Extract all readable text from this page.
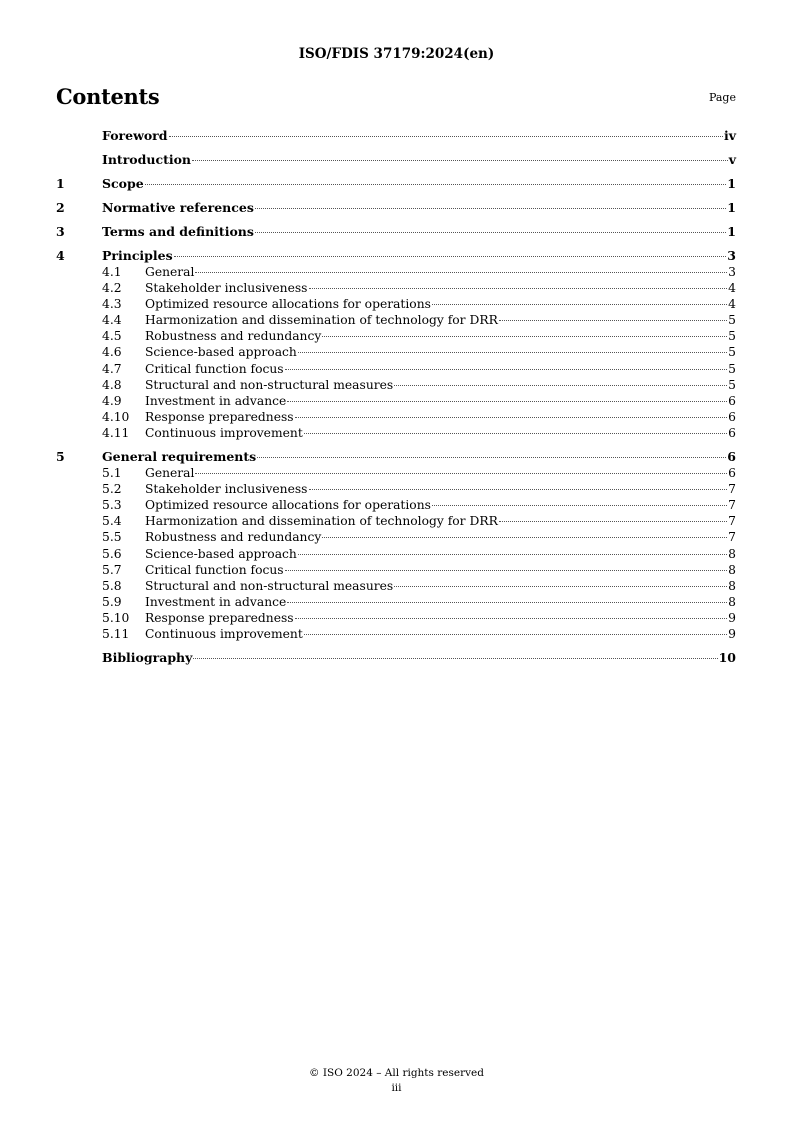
ISO/FDIS 37179:2024(en)
Contents	Page
Foreword	iv
Introduction	v
1	Scope	1
2	Normative references	1
3	Terms and definitions	1
4	Principles	3
4.1	General	3
4.2	Stakeholder inclusiveness	4
4.3	Optimized resource allocations for operations	4
4.4	Harmonization and dissemination of technology for DRR	5
4.5	Robustness and redundancy	5
4.6	Science-based approach	5
4.7	Critical function focus	5
4.8	Structural and non-structural measures	5
4.9	Investment in advance	6
4.10	Response preparedness	6
4.11	Continuous improvement	6
5	General requirements	6
5.1	General	6
5.2	Stakeholder inclusiveness	7
5.3	Optimized resource allocations for operations	7
5.4	Harmonization and dissemination of technology for DRR	7
5.5	Robustness and redundancy	7
5.6	Science-based approach	8
5.7	Critical function focus	8
5.8	Structural and non-structural measures	8
5.9	Investment in advance	8
5.10	Response preparedness	9
5.11	Continuous improvement	9
Bibliography	10
© ISO 2024 – All rights reserved
iii
